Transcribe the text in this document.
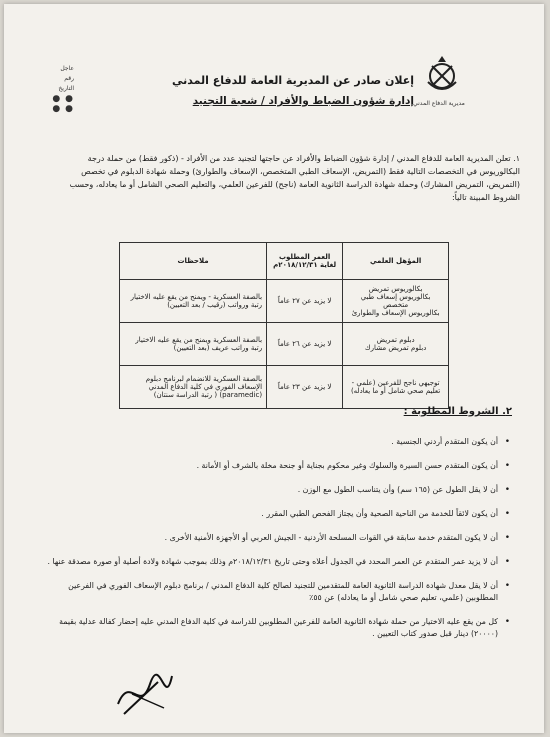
مديرية الدفاع المدني
إعلان صادر عن المديرية العامة للدفاع المدني
إدارة شؤون الضباط والأفراد / شعبة التجنيد
عاجل
رقم
التاريخ
● ●
● ●
١. تعلن المديرية العامة للدفاع المدني / إدارة شؤون الضباط والأفراد عن حاجتها لتجنيد عدد من الأفراد - (ذكور فقط) من حملة درجة البكالوريوس في التخصصات التالية فقط (التمريض، الإسعاف الطبي المتخصص، الإسعاف والطوارئ) وحملة شهادة الدبلوم في تخصص (التمريض، التمريض المشارك) وحملة شهادة الدراسة الثانوية العامة (ناجح) للفرعين العلمي، والتعليم الصحي الشامل أو ما يعادله، وحسب الشروط المبينة تالياً:
المؤهل العلمي	العمر المطلوب لغاية ٢٠١٨/١٢/٣١م	ملاحظات
بكالوريوس تمريض
بكالوريوس إسعاف طبي متخصص
بكالوريوس الإسعاف والطوارئ	لا يزيد عن ٢٧ عاماً	بالصفة العسكرية - ويمنح من يقع عليه الاختيار رتبة ورواتب (رقيب / بعد التعيين)
دبلوم تمريض
دبلوم تمريض مشارك	لا يزيد عن ٢٦ عاماً	بالصفة العسكرية ويمنح من يقع عليه الاختيار رتبة وراتب عريف (بعد التعيين)
توجيهي ناجح للفرعين (علمي - تعليم صحي شامل أو ما يعادله)	لا يزيد عن ٢٣ عاماً	بالصفة العسكرية للانضمام لبرنامج دبلوم الإسعاف الفوري في كلية الدفاع المدني (paramedic) ( رتبة الدراسة سنتان)
٢. الشروط المطلوبة :
• أن يكون المتقدم أردني الجنسية .
• أن يكون المتقدم حسن السيرة والسلوك وغير محكوم بجناية أو جنحة مخلة بالشرف أو الأمانة .
• أن لا يقل الطول عن (١٦٥ سم) وأن يتناسب الطول مع الوزن .
• أن يكون لائقاً للخدمة من الناحية الصحية وأن يجتاز الفحص الطبي المقرر .
• أن لا يكون المتقدم خدمة سابقة في القوات المسلحة الأردنية - الجيش العربي أو الأجهزة الأمنية الأخرى .
• أن لا يزيد عمر المتقدم عن العمر المحدد في الجدول أعلاه وحتى تاريخ ٢٠١٨/١٢/٣١م وذلك بموجب شهادة ولادة أصلية أو صورة مصدقة عنها .
• أن لا يقل معدل شهادة الدراسة الثانوية العامة للمتقدمين للتجنيد لصالح كلية الدفاع المدني / برنامج دبلوم الإسعاف الفوري في الفرعين المطلوبين (علمي، تعليم صحي شامل أو ما يعادله) عن ٥٥٪
• كل من يقع عليه الاختيار من حملة شهادة الثانوية العامة للفرعين المطلوبين للدراسة في كلية الدفاع المدني عليه إحضار كفالة عدلية بقيمة (٢٠٠٠٠) دينار قبل صدور كتاب التعيين .
